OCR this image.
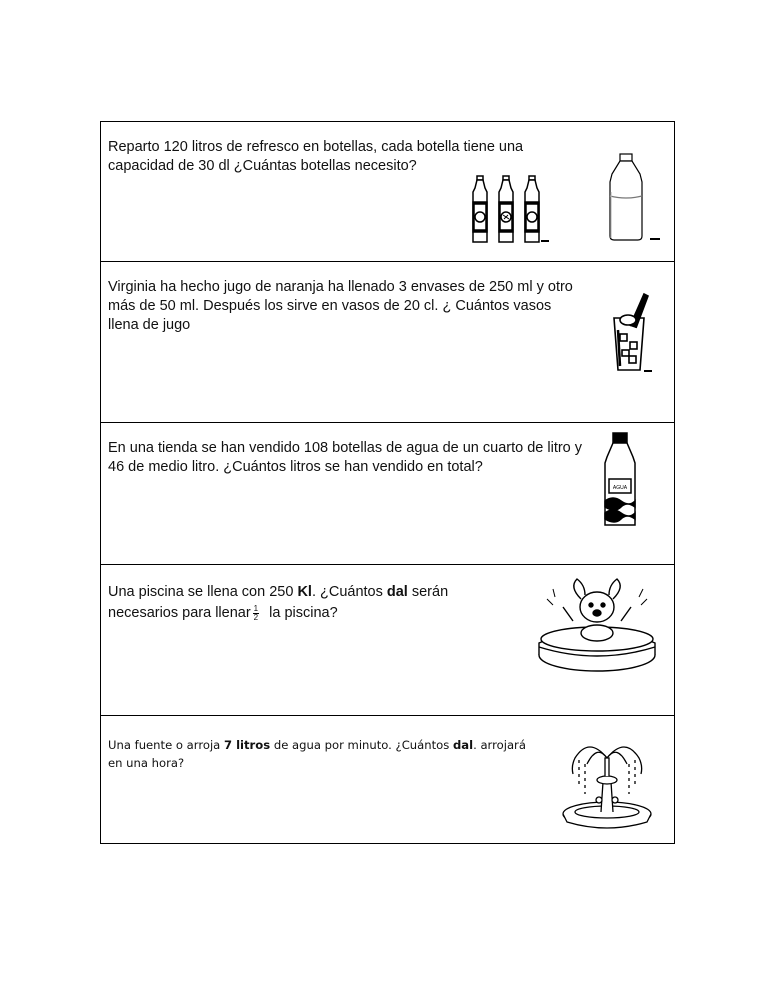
Reparto 120 litros de refresco en botellas, cada botella tiene una
capacidad de 30 dl ¿Cuántas botellas necesito?
Virginia ha hecho jugo de naranja ha llenado 3 envases de 250 ml y otro
más de 50 ml. Después los sirve en vasos de 20 cl. ¿ Cuántos vasos
llena de jugo
En una tienda se han vendido 108 botellas de agua de un cuarto de litro y
46 de medio litro. ¿Cuántos litros se han vendido en total?
AGUA
Una piscina se llena con 250 Kl. ¿Cuántos dal serán
necesarios para llenar $\frac{1}{2}$ la piscina?
Una fuente o arroja 7 litros de agua por minuto. ¿Cuántos dal. arrojará
en una hora?
